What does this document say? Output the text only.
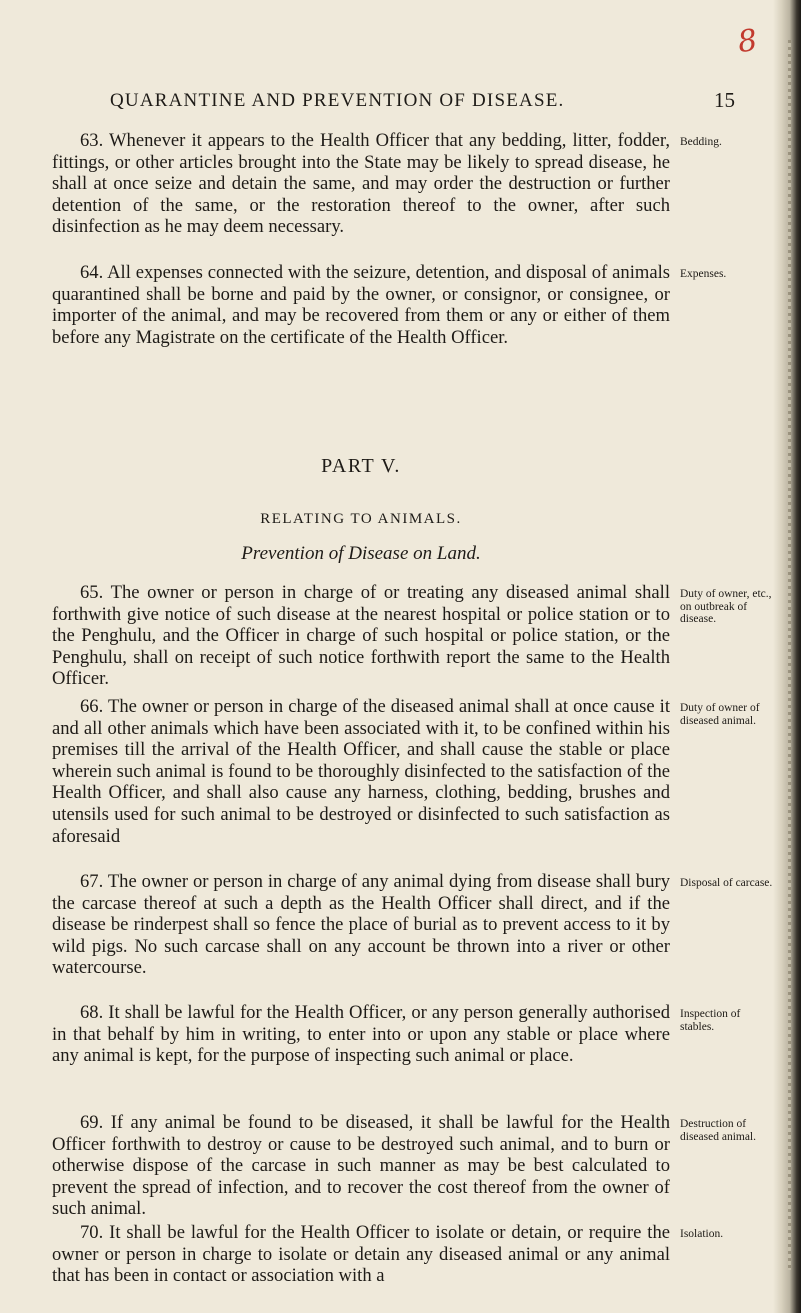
8
QUARANTINE AND PREVENTION OF DISEASE.	15

63. Whenever it appears to the Health Officer that any bedding, litter, fodder, fittings, or other articles brought into the State may be likely to spread disease, he shall at once seize and detain the same, and may order the destruction or further detention of the same, or the restoration thereof to the owner, after such disinfection as he may deem necessary.

Bedding.

64. All expenses connected with the seizure, detention, and disposal of animals quarantined shall be borne and paid by the owner, or consignor, or consignee, or importer of the animal, and may be recovered from them or any or either of them before any Magistrate on the certificate of the Health Officer.

Expenses.
PART V.
RELATING TO ANIMALS.
Prevention of Disease on Land.

65. The owner or person in charge of or treating any diseased animal shall forthwith give notice of such disease at the nearest hospital or police station or to the Penghulu, and the Officer in charge of such hospital or police station, or the Penghulu, shall on receipt of such notice forthwith report the same to the Health Officer.

Duty of owner, etc., on outbreak of disease.

66. The owner or person in charge of the diseased animal shall at once cause it and all other animals which have been associated with it, to be confined within his premises till the arrival of the Health Officer, and shall cause the stable or place wherein such animal is found to be thoroughly disinfected to the satisfaction of the Health Officer, and shall also cause any harness, clothing, bedding, brushes and utensils used for such animal to be destroyed or disinfected to such satisfaction as aforesaid

Duty of owner of diseased animal.

67. The owner or person in charge of any animal dying from disease shall bury the carcase thereof at such a depth as the Health Officer shall direct, and if the disease be rinderpest shall so fence the place of burial as to prevent access to it by wild pigs. No such carcase shall on any account be thrown into a river or other watercourse.

Disposal of carcase.

68. It shall be lawful for the Health Officer, or any person generally authorised in that behalf by him in writing, to enter into or upon any stable or place where any animal is kept, for the purpose of inspecting such animal or place.

Inspection of stables.

69. If any animal be found to be diseased, it shall be lawful for the Health Officer forthwith to destroy or cause to be destroyed such animal, and to burn or otherwise dispose of the carcase in such manner as may be best calculated to prevent the spread of infection, and to recover the cost thereof from the owner of such animal.

Destruction of diseased animal.

70. It shall be lawful for the Health Officer to isolate or detain, or require the owner or person in charge to isolate or detain any diseased animal or any animal that has been in contact or association with a

Isolation.
